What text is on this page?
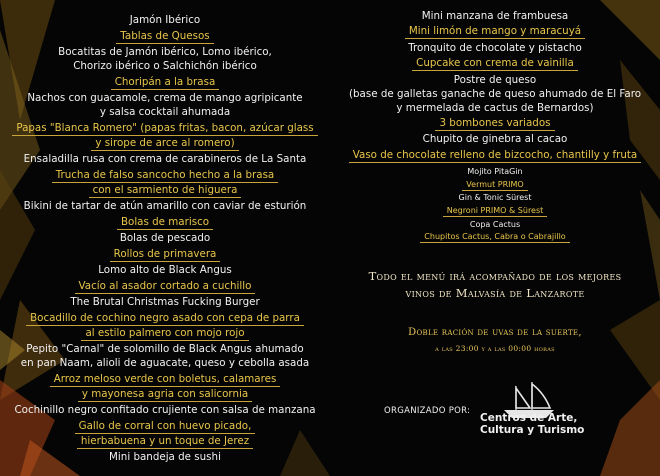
Jamón Ibérico
Tablas de Quesos
Bocatitas de Jamón ibérico, Lomo ibérico,
Chorizo ibérico o Salchichón ibérico
Choripán a la brasa
Nachos con guacamole, crema de mango agripicante
y salsa cocktail ahumada
Papas "Blanca Romero" (papas fritas, bacon, azúcar glass
y sirope de arce al romero)
Ensaladilla rusa con crema de carabineros de La Santa
Trucha de falso sancocho hecho a la brasa
con el sarmiento de higuera
Bikini de tartar de atún amarillo con caviar de esturión
Bolas de marisco
Bolas de pescado
Rollos de primavera
Lomo alto de Black Angus
Vacío al asador cortado a cuchillo
The Brutal Christmas Fucking Burger
Bocadillo de cochino negro asado con cepa de parra
al estilo palmero con mojo rojo
Pepito "Carnal" de solomillo de Black Angus ahumado
en pan Naam, alioli de aguacate, queso y cebolla asada
Arroz meloso verde con boletus, calamares
y mayonesa agria con salicornia
Cochinillo negro confitado crujiente con salsa de manzana
Gallo de corral con huevo picado,
hierbabuena y un toque de Jerez
Mini bandeja de sushi
Mini manzana de frambuesa
Mini limón de mango y maracuyá
Tronquito de chocolate y pistacho
Cupcake con crema de vainilla
Postre de queso
(base de galletas ganache de queso ahumado de El Faro
y mermelada de cactus de Bernardos)
3 bombones variados
Chupito de ginebra al cacao
Vaso de chocolate relleno de bizcocho, chantilly y fruta
Mojito PitaGin
Vermut PRIMO
Gin & Tonic Sürest
Negroni PRIMO & Sürest
Copa Cactus
Chupitos Cactus, Cabra o Cabrajillo
Todo el menú irá acompañado de los mejores
vinos de Malvasía de Lanzarote
Doble ración de uvas de la suerte,
a las 23:00 y a las 00:00 horas
ORGANIZADO POR:
Centros de Arte,
Cultura y Turismo
